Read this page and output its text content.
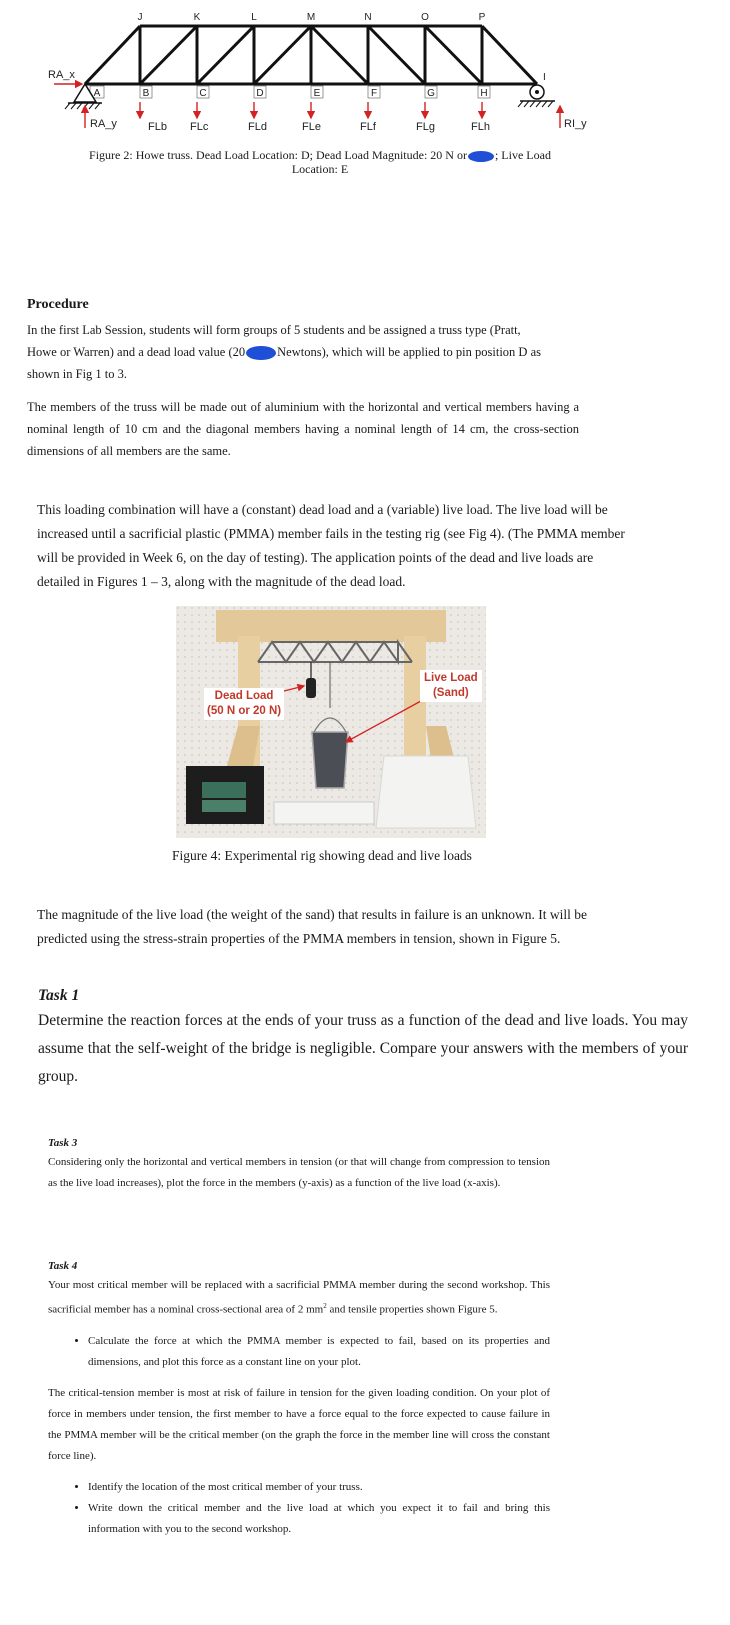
J	K	L	M	N	O	P
A	B	C	D	E	F	G	H
I
RA_x
RA_y	RI_y
FLb FLc	FLd	FLe	FLf	FLg	FLh
Figure 2: Howe truss. Dead Load Location: D; Dead Load Magnitude: 20 N or ; Live Load
Location: E
Procedure
In the first Lab Session, students will form groups of 5 students and be assigned a truss type (Pratt,
Howe or Warren) and a dead load value (20	Newtons), which will be applied to pin position D as
shown in Fig 1 to 3.
The members of the truss will be made out of aluminium with the horizontal and vertical members having a nominal length of 10 cm and the diagonal members having a nominal length of 14 cm, the cross-section dimensions of all members are the same.
This loading combination will have a (constant) dead load and a (variable) live load. The live load will be increased until a sacrificial plastic (PMMA) member fails in the testing rig (see Fig 4). (The PMMA member will be provided in Week 6, on the day of testing). The application points of the dead and live loads are detailed in Figures 1 – 3, along with the magnitude of the dead load.
Dead Load
(50 N or 20 N)
Live Load
(Sand)
Figure 4: Experimental rig showing dead and live loads
The magnitude of the live load (the weight of the sand) that results in failure is an unknown. It will be predicted using the stress-strain properties of the PMMA members in tension, shown in Figure 5.
Task 1
Determine the reaction forces at the ends of your truss as a function of the dead and live loads. You may assume that the self-weight of the bridge is negligible. Compare your answers with the members of your group.
Task 3
Considering only the horizontal and vertical members in tension (or that will change from compression to tension as the live load increases), plot the force in the members (y-axis) as a function of the live load (x-axis).
Task 4
Your most critical member will be replaced with a sacrificial PMMA member during the second workshop. This sacrificial member has a nominal cross-sectional area of 2 $mm^2$ and tensile properties shown Figure 5.
• Calculate the force at which the PMMA member is expected to fail, based on its properties and dimensions, and plot this force as a constant line on your plot.
The critical-tension member is most at risk of failure in tension for the given loading condition. On your plot of force in members under tension, the first member to have a force equal to the force expected to cause failure in the PMMA member will be the critical member (on the graph the force in the member line will cross the constant force line).
• Identify the location of the most critical member of your truss.
• Write down the critical member and the live load at which you expect it to fail and bring this information with you to the second workshop.
